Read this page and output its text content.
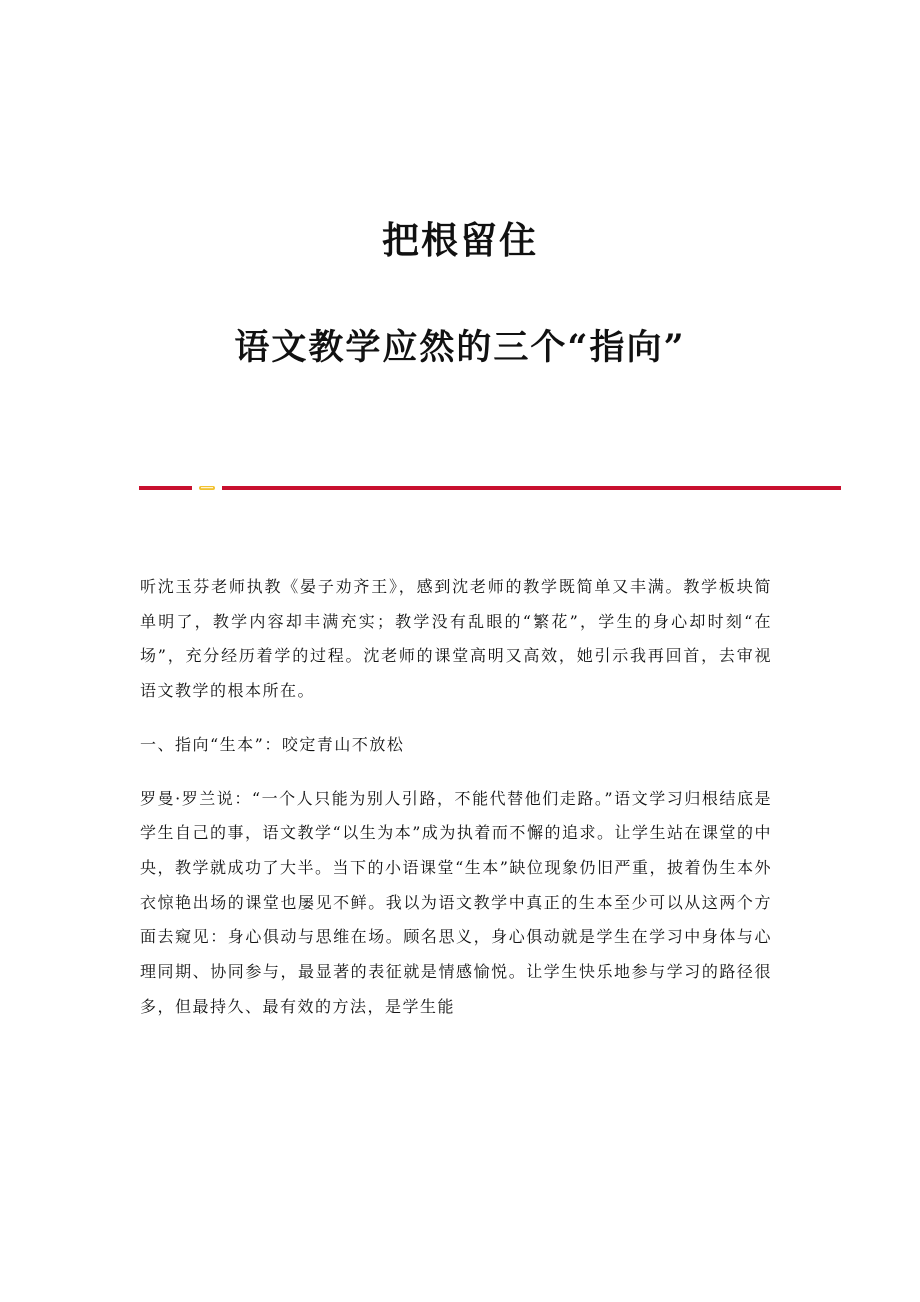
把根留住
语文教学应然的三个“指向”

听沈玉芬老师执教《晏子劝齐王》，感到沈老师的教学既简单又丰满。教学板块简单明了，教学内容却丰满充实；教学没有乱眼的“繁花”，学生的身心却时刻“在场”，充分经历着学的过程。沈老师的课堂高明又高效，她引示我再回首，去审视语文教学的根本所在。

一、指向“生本”：咬定青山不放松

罗曼·罗兰说：“一个人只能为别人引路，不能代替他们走路。”语文学习归根结底是学生自己的事，语文教学“以生为本”成为执着而不懈的追求。让学生站在课堂的中央，教学就成功了大半。当下的小语课堂“生本”缺位现象仍旧严重，披着伪生本外衣惊艳出场的课堂也屡见不鲜。我以为语文教学中真正的生本至少可以从这两个方面去窥见：身心俱动与思维在场。顾名思义，身心俱动就是学生在学习中身体与心理同期、协同参与，最显著的表征就是情感愉悦。让学生快乐地参与学习的路径很多，但最持久、最有效的方法，是学生能
